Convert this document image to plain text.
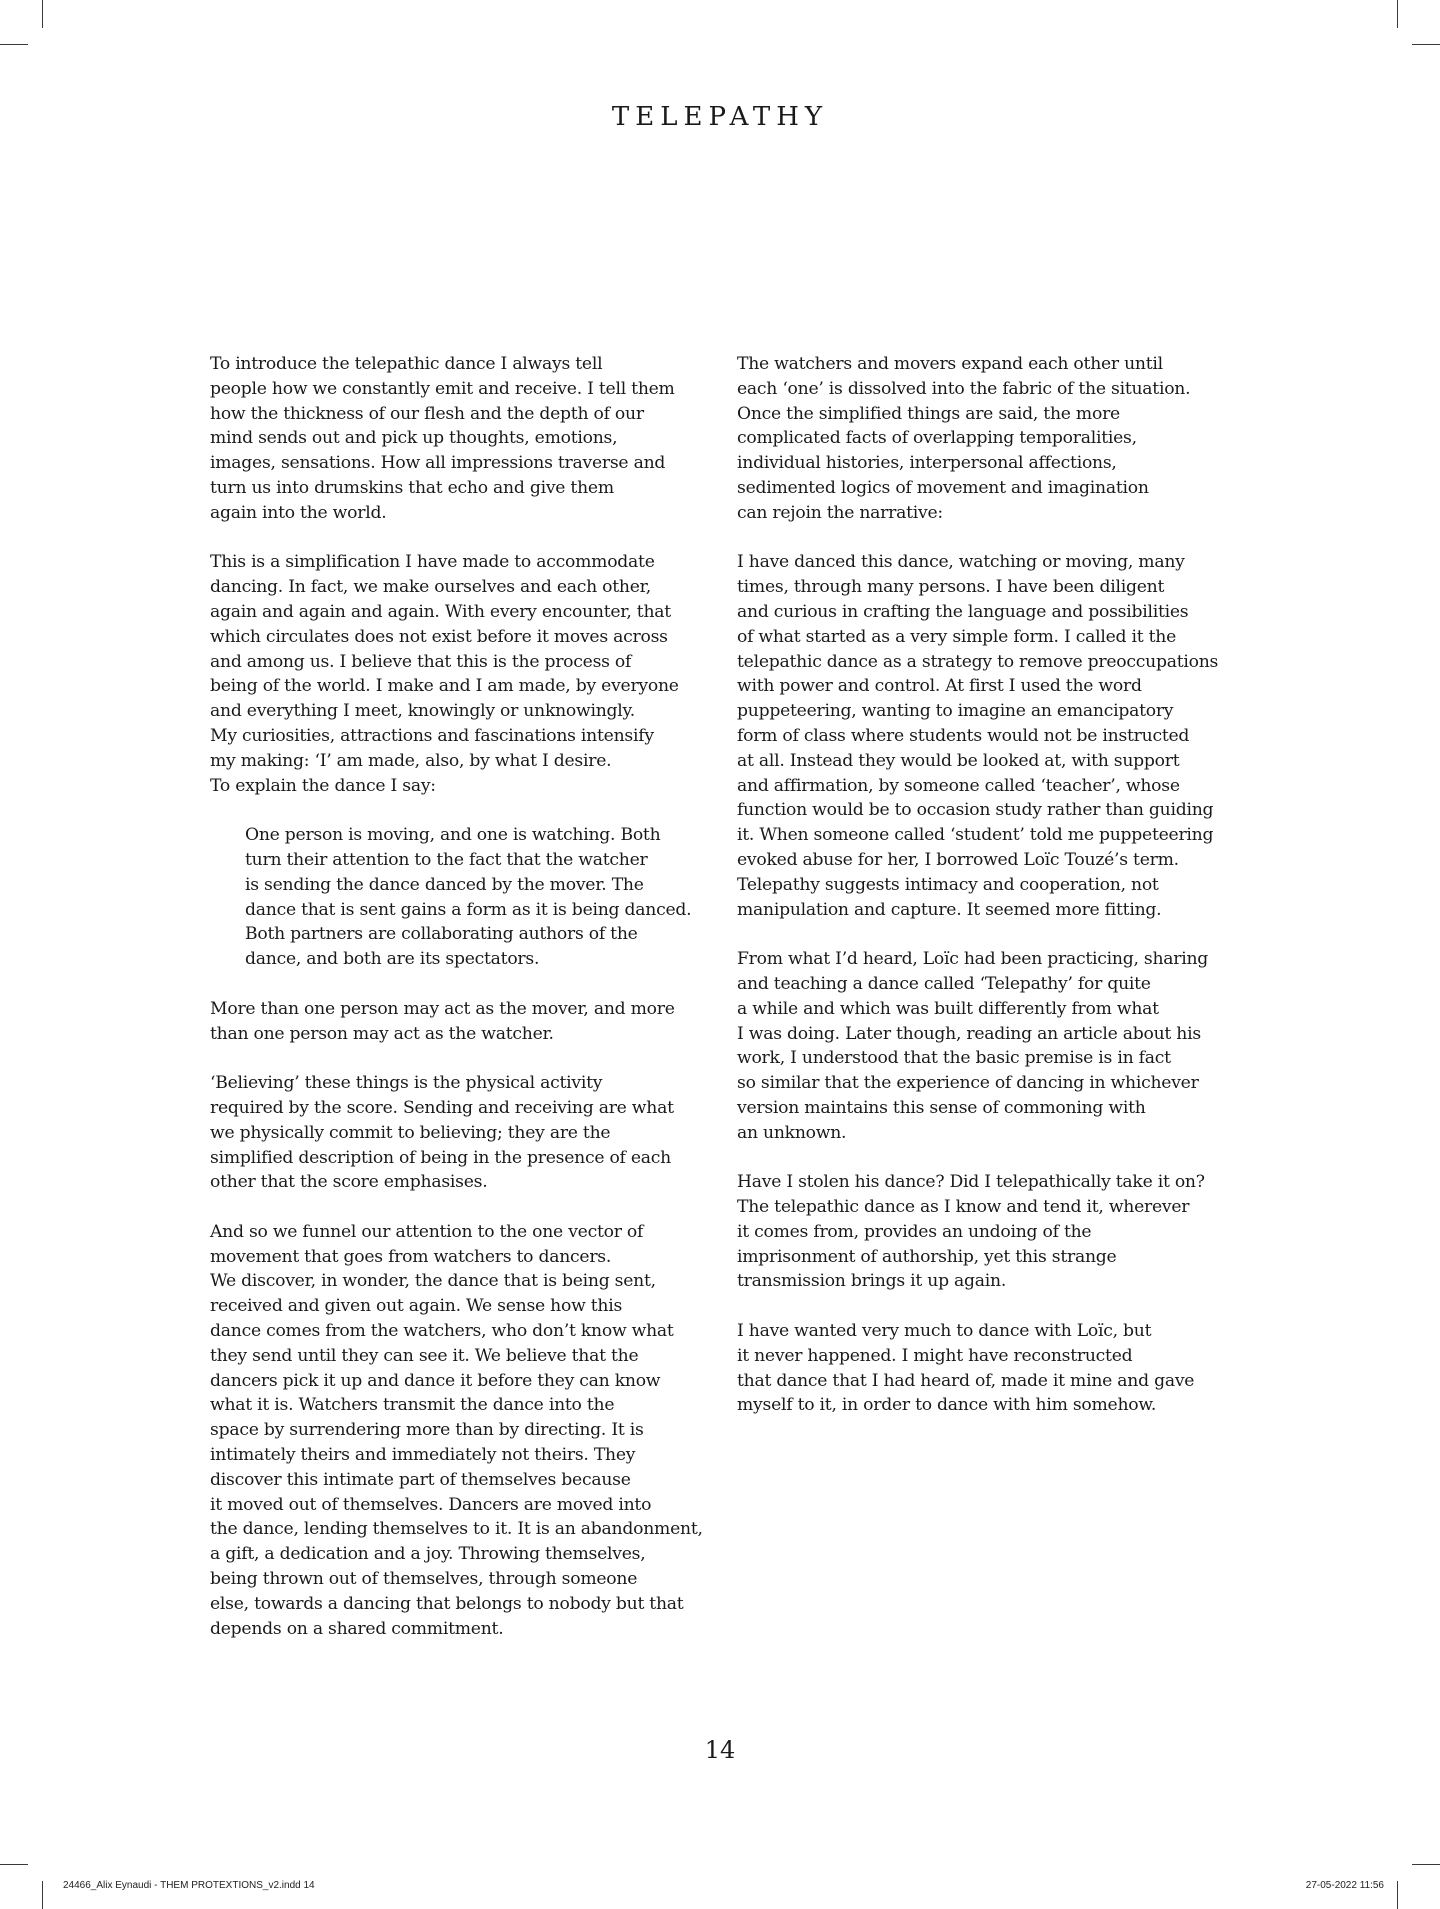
TELEPATHY

To introduce the telepathic dance I always tell
people how we constantly emit and receive. I tell them
how the thickness of our flesh and the depth of our
mind sends out and pick up thoughts, emotions,
images, sensations. How all impressions traverse and
turn us into drumskins that echo and give them
again into the world.

This is a simplification I have made to accommodate
dancing. In fact, we make ourselves and each other,
again and again and again. With every encounter, that
which circulates does not exist before it moves across
and among us. I believe that this is the process of
being of the world. I make and I am made, by everyone
and everything I meet, knowingly or unknowingly.
My curiosities, attractions and fascinations intensify
my making: ‘I’ am made, also, by what I desire.
To explain the dance I say:

One person is moving, and one is watching. Both
turn their attention to the fact that the watcher
is sending the dance danced by the mover. The
dance that is sent gains a form as it is being danced.
Both partners are collaborating authors of the
dance, and both are its spectators.

More than one person may act as the mover, and more
than one person may act as the watcher.

‘Believing’ these things is the physical activity
required by the score. Sending and receiving are what
we physically commit to believing; they are the
simplified description of being in the presence of each
other that the score emphasises.

And so we funnel our attention to the one vector of
movement that goes from watchers to dancers.
We discover, in wonder, the dance that is being sent,
received and given out again. We sense how this
dance comes from the watchers, who don’t know what
they send until they can see it. We believe that the
dancers pick it up and dance it before they can know
what it is. Watchers transmit the dance into the
space by surrendering more than by directing. It is
intimately theirs and immediately not theirs. They
discover this intimate part of themselves because
it moved out of themselves. Dancers are moved into
the dance, lending themselves to it. It is an abandonment,
a gift, a dedication and a joy. Throwing themselves,
being thrown out of themselves, through someone
else, towards a dancing that belongs to nobody but that
depends on a shared commitment.

The watchers and movers expand each other until
each ‘one’ is dissolved into the fabric of the situation.
Once the simplified things are said, the more
complicated facts of overlapping temporalities,
individual histories, interpersonal affections,
sedimented logics of movement and imagination
can rejoin the narrative:

I have danced this dance, watching or moving, many
times, through many persons. I have been diligent
and curious in crafting the language and possibilities
of what started as a very simple form. I called it the
telepathic dance as a strategy to remove preoccupations
with power and control. At first I used the word
puppeteering, wanting to imagine an emancipatory
form of class where students would not be instructed
at all. Instead they would be looked at, with support
and affirmation, by someone called ‘teacher’, whose
function would be to occasion study rather than guiding
it. When someone called ‘student’ told me puppeteering
evoked abuse for her, I borrowed Loïc Touzé’s term.
Telepathy suggests intimacy and cooperation, not
manipulation and capture. It seemed more fitting.

From what I’d heard, Loïc had been practicing, sharing
and teaching a dance called ‘Telepathy’ for quite
a while and which was built differently from what
I was doing. Later though, reading an article about his
work, I understood that the basic premise is in fact
so similar that the experience of dancing in whichever
version maintains this sense of commoning with
an unknown.

Have I stolen his dance? Did I telepathically take it on?
The telepathic dance as I know and tend it, wherever
it comes from, provides an undoing of the
imprisonment of authorship, yet this strange
transmission brings it up again.

I have wanted very much to dance with Loïc, but
it never happened. I might have reconstructed
that dance that I had heard of, made it mine and gave
myself to it, in order to dance with him somehow.

14
24466_Alix Eynaudi - THEM PROTEXTIONS_v2.indd 14	27-05-2022 11:56
